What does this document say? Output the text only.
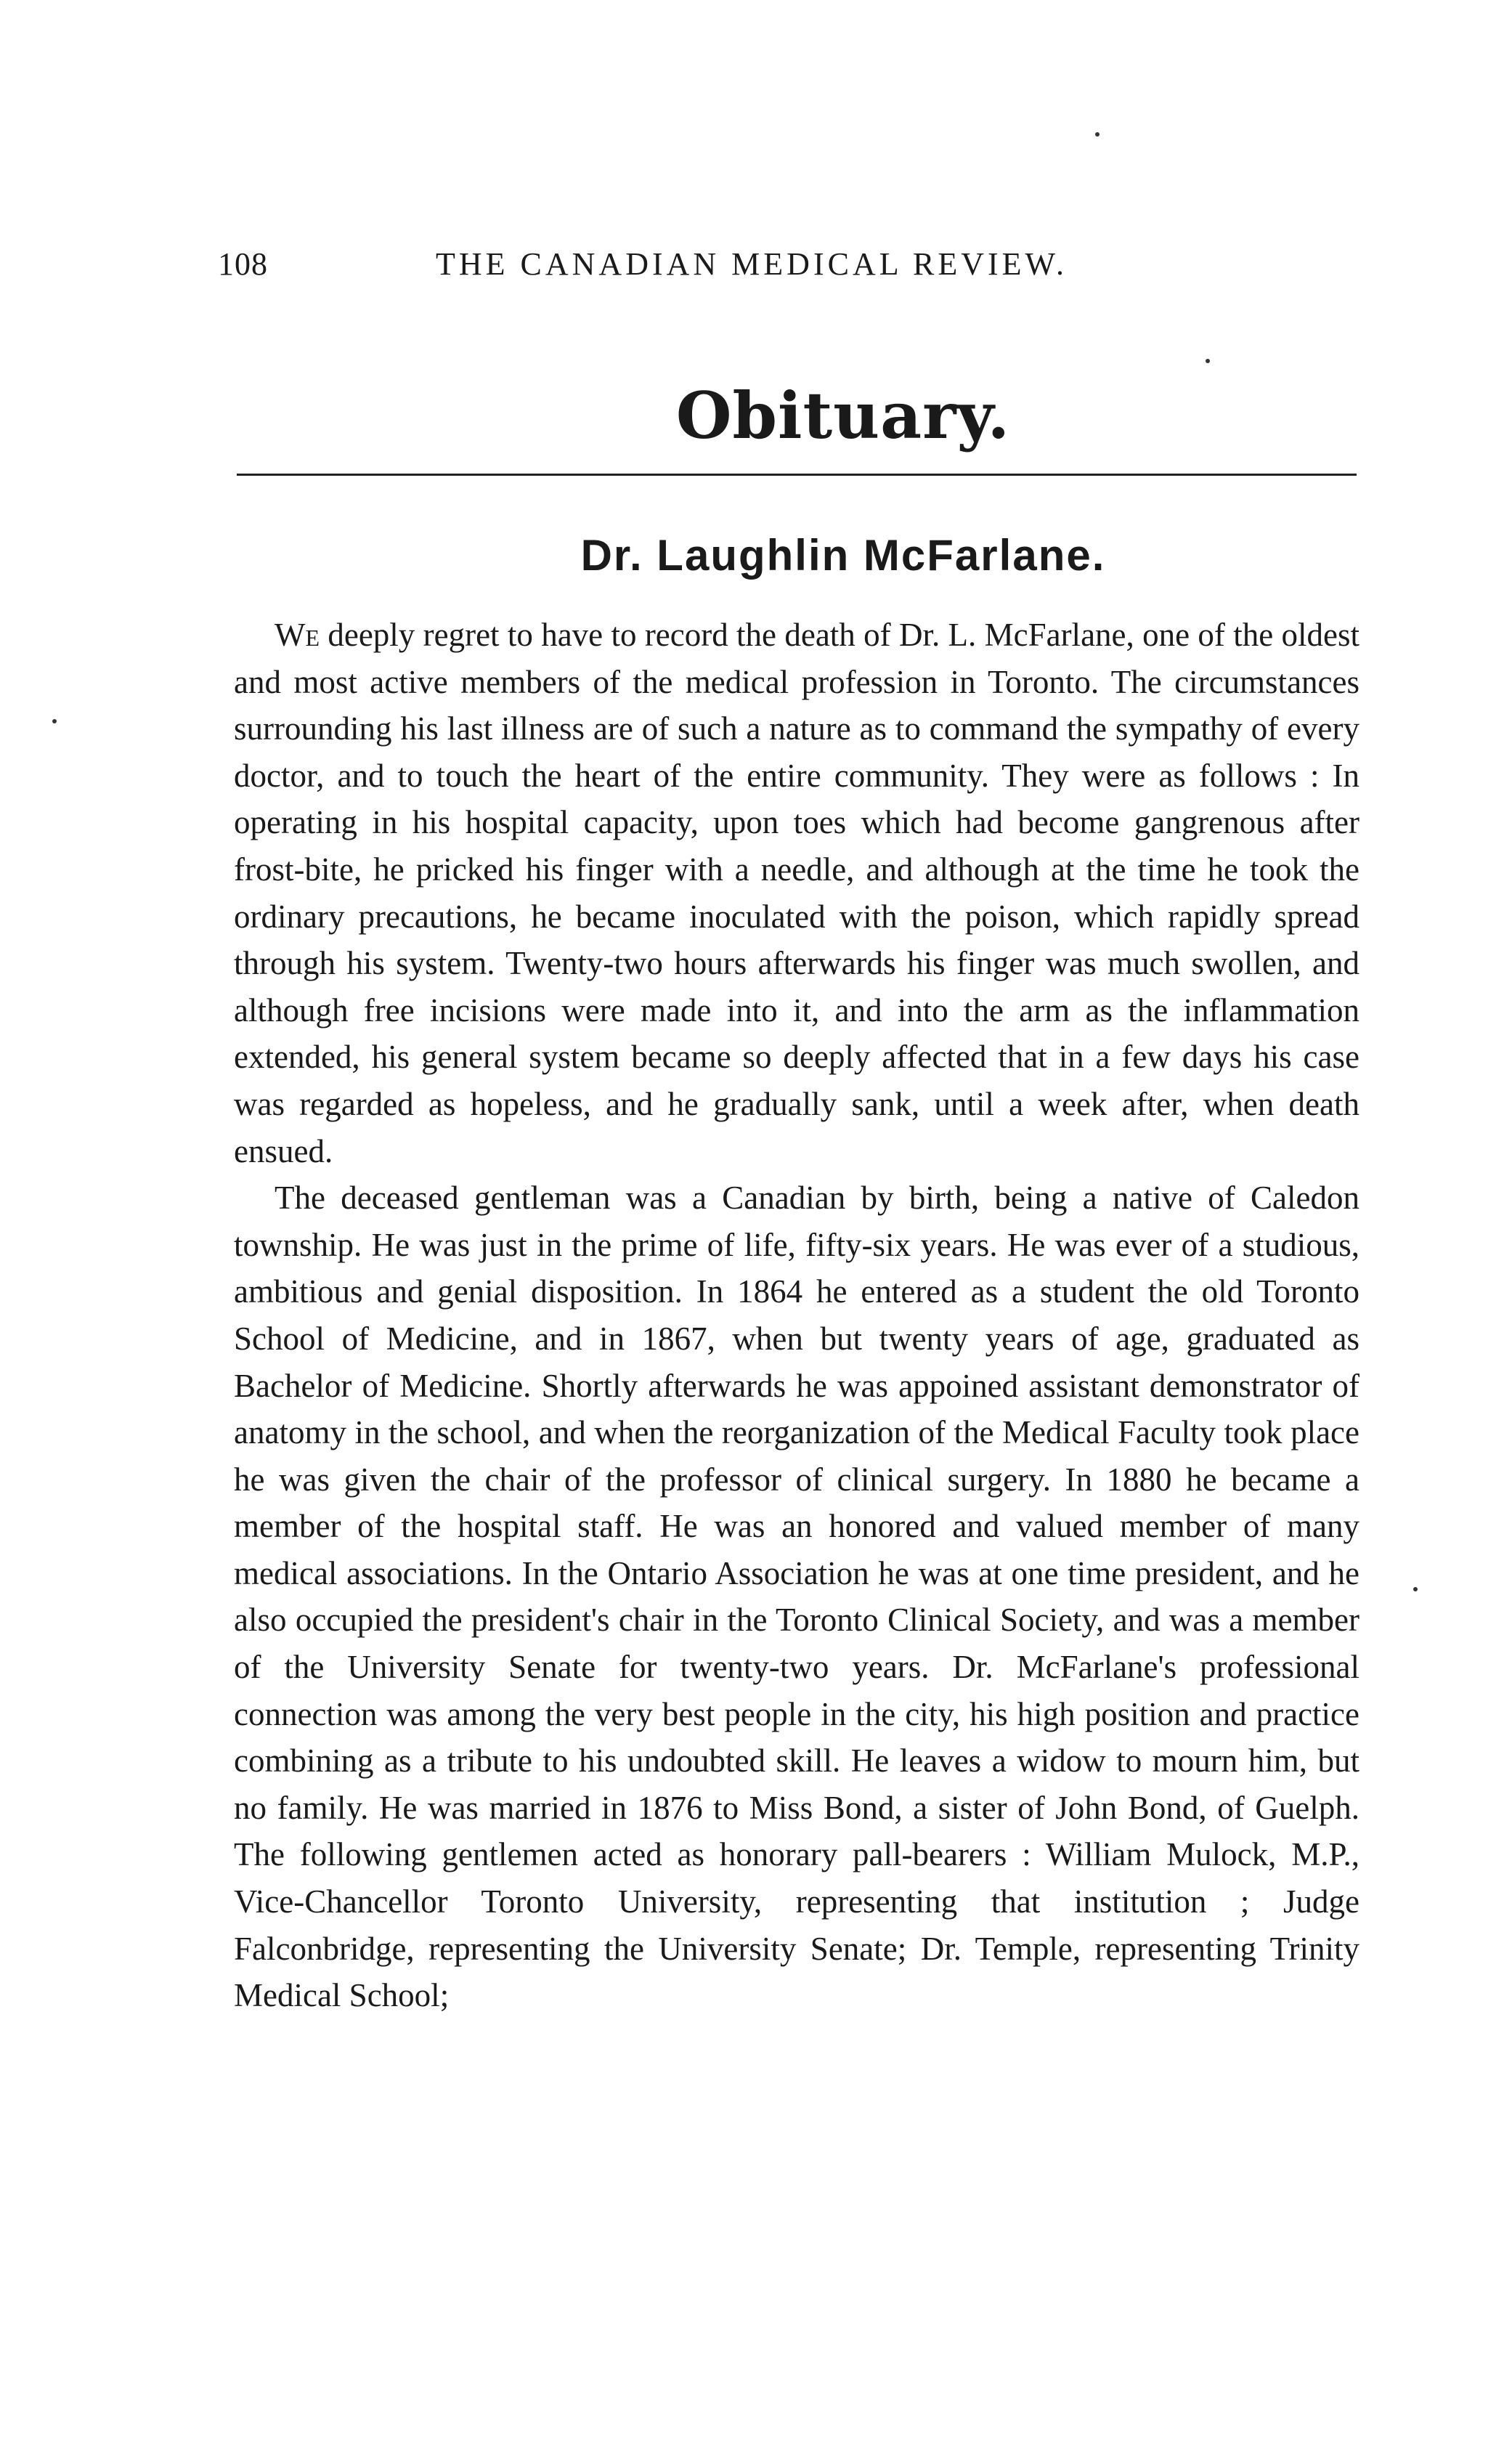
108	THE CANADIAN MEDICAL REVIEW.
Obituary.
Dr. Laughlin McFarlane.

We deeply regret to have to record the death of Dr. L. McFarlane, one of the oldest and most active members of the medical profession in Toronto. The circumstances surrounding his last illness are of such a nature as to command the sympathy of every doctor, and to touch the heart of the entire community. They were as follows : In operating in his hospital capacity, upon toes which had become gangrenous after frost-bite, he pricked his finger with a needle, and although at the time he took the ordinary precautions, he became inoculated with the poison, which rapidly spread through his system. Twenty-two hours afterwards his finger was much swollen, and although free incisions were made into it, and into the arm as the inflammation extended, his general system became so deeply affected that in a few days his case was regarded as hopeless, and he gradually sank, until a week after, when death ensued.

The deceased gentleman was a Canadian by birth, being a native of Caledon township. He was just in the prime of life, fifty-six years. He was ever of a studious, ambitious and genial disposition. In 1864 he entered as a student the old Toronto School of Medicine, and in 1867, when but twenty years of age, graduated as Bachelor of Medicine. Shortly afterwards he was appoined assistant demonstrator of anatomy in the school, and when the reorganization of the Medical Faculty took place he was given the chair of the professor of clinical surgery. In 1880 he became a member of the hospital staff. He was an honored and valued member of many medical associations. In the Ontario Association he was at one time president, and he also occupied the president's chair in the Toronto Clinical Society, and was a member of the University Senate for twenty-two years. Dr. McFarlane's professional connection was among the very best people in the city, his high position and practice combining as a tribute to his undoubted skill. He leaves a widow to mourn him, but no family. He was married in 1876 to Miss Bond, a sister of John Bond, of Guelph. The following gentlemen acted as honorary pall-bearers : William Mulock, M.P., Vice-Chancellor Toronto University, representing that institution ; Judge Falconbridge, representing the University Senate; Dr. Temple, representing Trinity Medical School;
